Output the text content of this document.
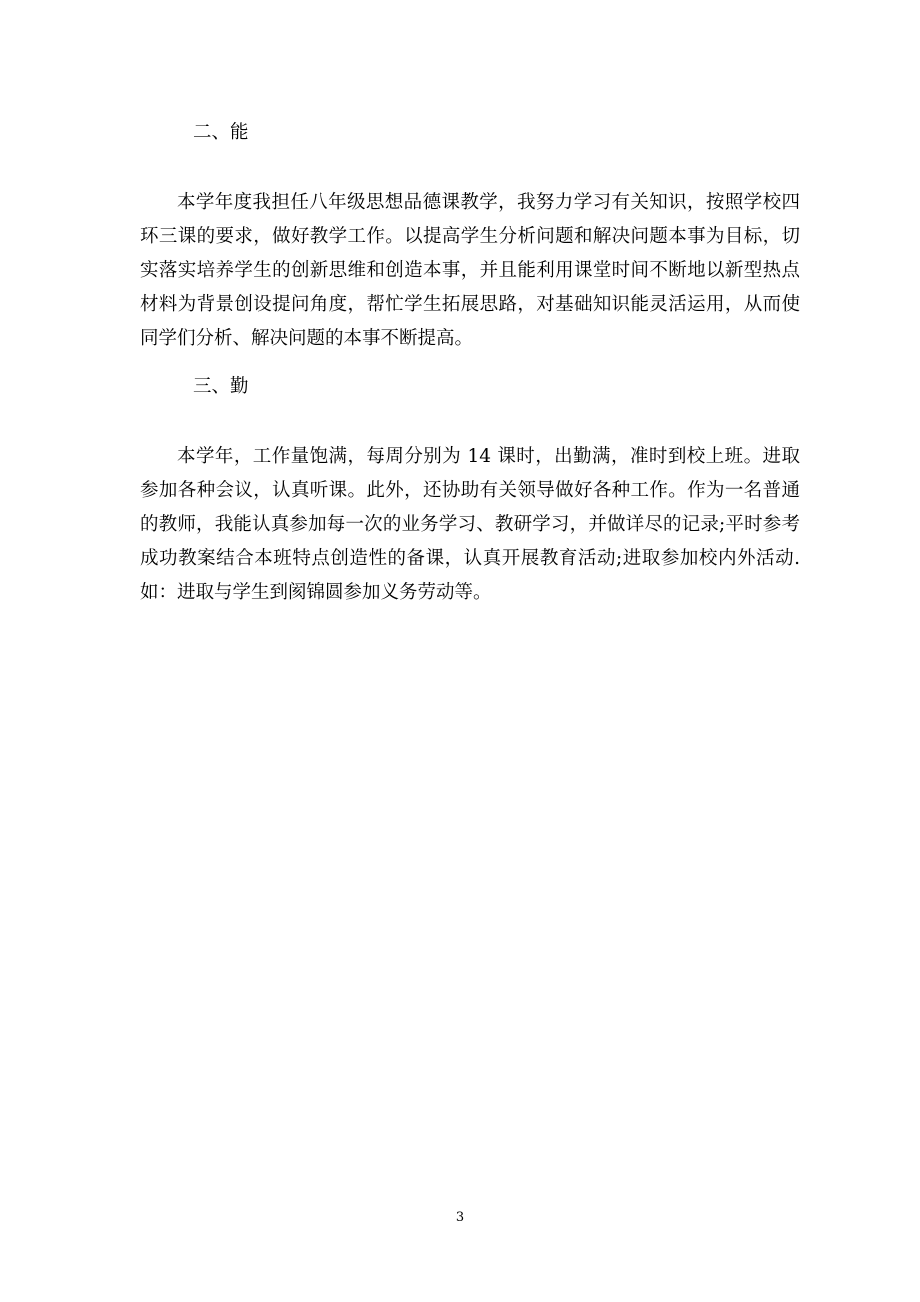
二、能

本学年度我担任八年级思想品德课教学，我努力学习有关知识，按照学校四环三课的要求，做好教学工作。以提高学生分析问题和解决问题本事为目标，切实落实培养学生的创新思维和创造本事，并且能利用课堂时间不断地以新型热点材料为背景创设提问角度，帮忙学生拓展思路，对基础知识能灵活运用，从而使同学们分析、解决问题的本事不断提高。

三、勤

本学年，工作量饱满，每周分别为 14 课时，出勤满，准时到校上班。进取参加各种会议，认真听课。此外，还协助有关领导做好各种工作。作为一名普通的教师，我能认真参加每一次的业务学习、教研学习，并做详尽的记录;平时参考成功教案结合本班特点创造性的备课，认真开展教育活动;进取参加校内外活动. 如：进取与学生到阂锦圆参加义务劳动等。

3
